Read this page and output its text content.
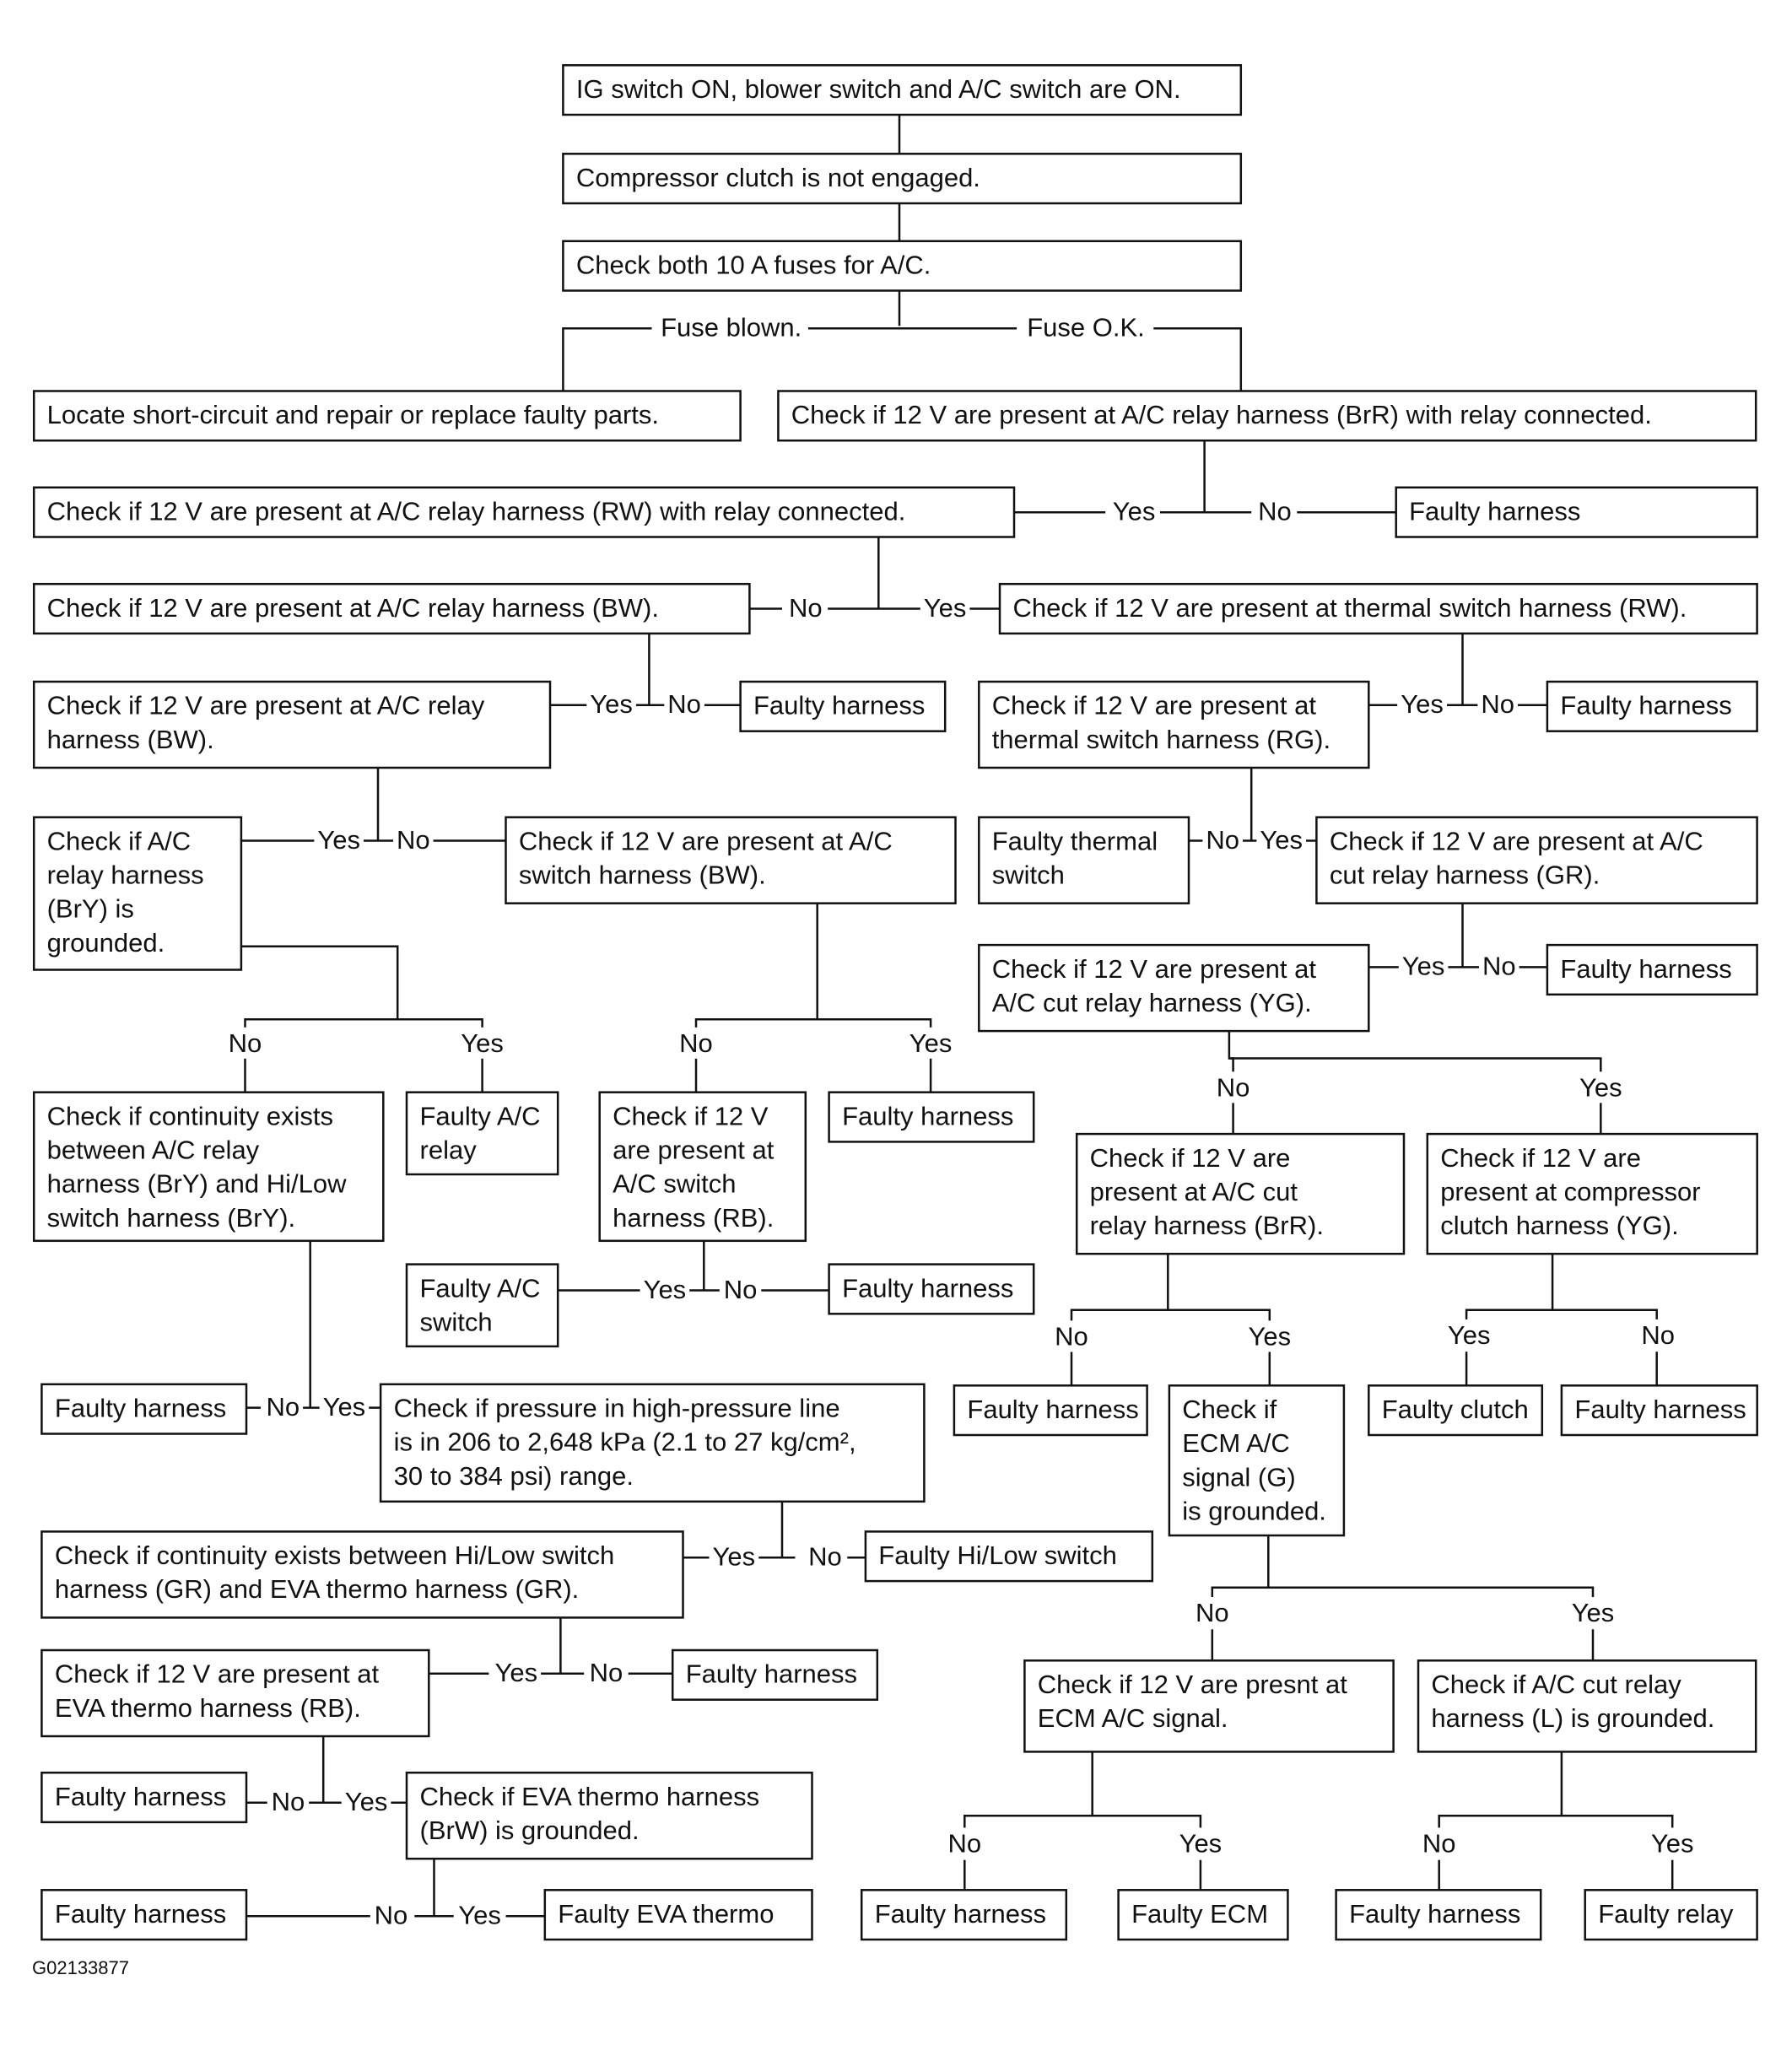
IG switch ON, blower switch and A/C switch are ON.
Compressor clutch is not engaged.
Check both 10 A fuses for A/C.
Locate short-circuit and repair or replace faulty parts.	Check if 12 V are present at A/C relay harness (BrR) with relay connected.
Check if 12 V are present at A/C relay harness (RW) with relay connected.	Faulty harness
Check if 12 V are present at A/C relay harness (BW).	Check if 12 V are present at thermal switch harness (RW).
Check if 12 V are present at A/C relay
harness (BW).
Faulty harness	Check if 12 V are present at
thermal switch harness (RG).
Faulty harness
Check if A/C
relay harness
(BrY) is
grounded.
Check if 12 V are present at A/C
switch harness (BW).
Faulty thermal
switch
Check if 12 V are present at A/C
cut relay harness (GR).
Check if 12 V are present at
A/C cut relay harness (YG).
Faulty harness
Check if continuity exists
between A/C relay
harness (BrY) and Hi/Low
switch harness (BrY).
Faulty A/C
relay
Check if 12 V
are present at
A/C switch
harness (RB).
Faulty harness
Check if 12 V are
present at A/C cut
relay harness (BrR).
Check if 12 V are
present at compressor
clutch harness (YG).
Faulty A/C
switch
Faulty harness
Faulty harness	Check if pressure in high-pressure line
is in 206 to 2,648 kPa (2.1 to 27 kg/cm²,
30 to 384 psi) range.
Faulty harness Check if
ECM A/C
signal (G)
is grounded.
Faulty clutch Faulty harness
Check if continuity exists between Hi/Low switch
harness (GR) and EVA thermo harness (GR).
Faulty Hi/Low switch
Check if 12 V are present at
EVA thermo harness (RB).
Faulty harness	Check if 12 V are presnt at
ECM A/C signal.
Check if A/C cut relay
harness (L) is grounded.
Faulty harness	Check if EVA thermo harness
(BrW) is grounded.
Faulty harness	Faulty EVA thermo	Faulty harness	Faulty ECM	Faulty harness	Faulty relay
Fuse blown.	Fuse O.K.
Yes	No
No	Yes
Yes No	Yes No
Yes No	No Yes
Yes No
No	Yes	No	Yes
No	Yes
Yes No
No	Yes	Yes	No
No Yes
Yes No
No	Yes
Yes No
No Yes
No	Yes	No	Yes
No Yes
G02133877
